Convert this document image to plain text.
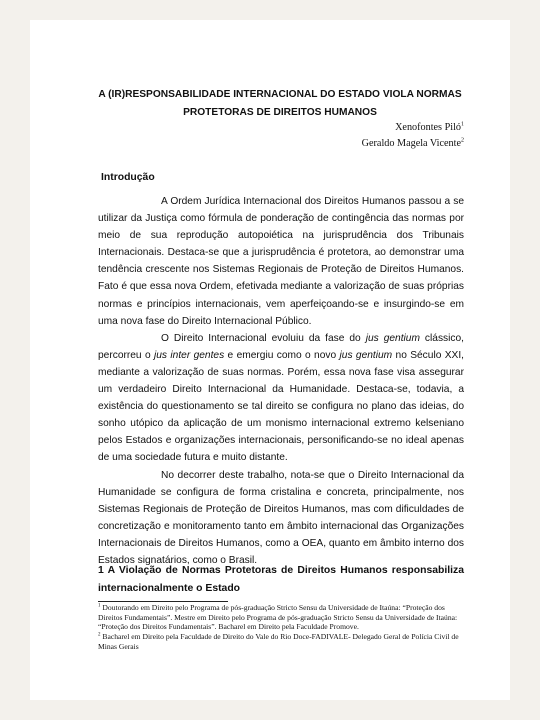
A (IR)RESPONSABILIDADE INTERNACIONAL DO ESTADO VIOLA NORMAS
PROTETORAS DE DIREITOS HUMANOS
Xenofontes Piló$^1$
Geraldo Magela Vicente$^2$
Introdução

A Ordem Jurídica Internacional dos Direitos Humanos passou a se utilizar da Justiça como fórmula de ponderação de contingência das normas por meio de sua reprodução autopoiética na jurisprudência dos Tribunais Internacionais. Destaca-se que a jurisprudência é protetora, ao demonstrar uma tendência crescente nos Sistemas Regionais de Proteção de Direitos Humanos. Fato é que essa nova Ordem, efetivada mediante a valorização de suas próprias normas e princípios internacionais, vem aperfeiçoando-se e insurgindo-se em uma nova fase do Direito Internacional Público.

O Direito Internacional evoluiu da fase do jus gentium clássico, percorreu o jus inter gentes e emergiu como o novo jus gentium no Século XXI, mediante a valorização de suas normas. Porém, essa nova fase visa assegurar um verdadeiro Direito Internacional da Humanidade. Destaca-se, todavia, a existência do questionamento se tal direito se configura no plano das ideias, do sonho utópico da aplicação de um monismo internacional extremo kelseniano pelos Estados e organizações internacionais, personificando-se no ideal apenas de uma sociedade futura e muito distante.

No decorrer deste trabalho, nota-se que o Direito Internacional da Humanidade se configura de forma cristalina e concreta, principalmente, nos Sistemas Regionais de Proteção de Direitos Humanos, mas com dificuldades de concretização e monitoramento tanto em âmbito internacional das Organizações Internacionais de Direitos Humanos, como a OEA, quanto em âmbito interno dos Estados signatários, como o Brasil.

1 A Violação de Normas Protetoras de Direitos Humanos responsabiliza internacionalmente o Estado

$^1$ Doutorando em Direito pelo Programa de pós-graduação Stricto Sensu da Universidade de Itaúna: “Proteção dos Direitos Fundamentais”. Mestre em Direito pelo Programa de pós-graduação Stricto Sensu da Universidade de Itaúna: “Proteção dos Direitos Fundamentais”. Bacharel em Direito pela Faculdade Promove.

$^2$ Bacharel em Direito pela Faculdade de Direito do Vale do Rio Doce-FADIVALE- Delegado Geral de Polícia Civil de Minas Gerais
